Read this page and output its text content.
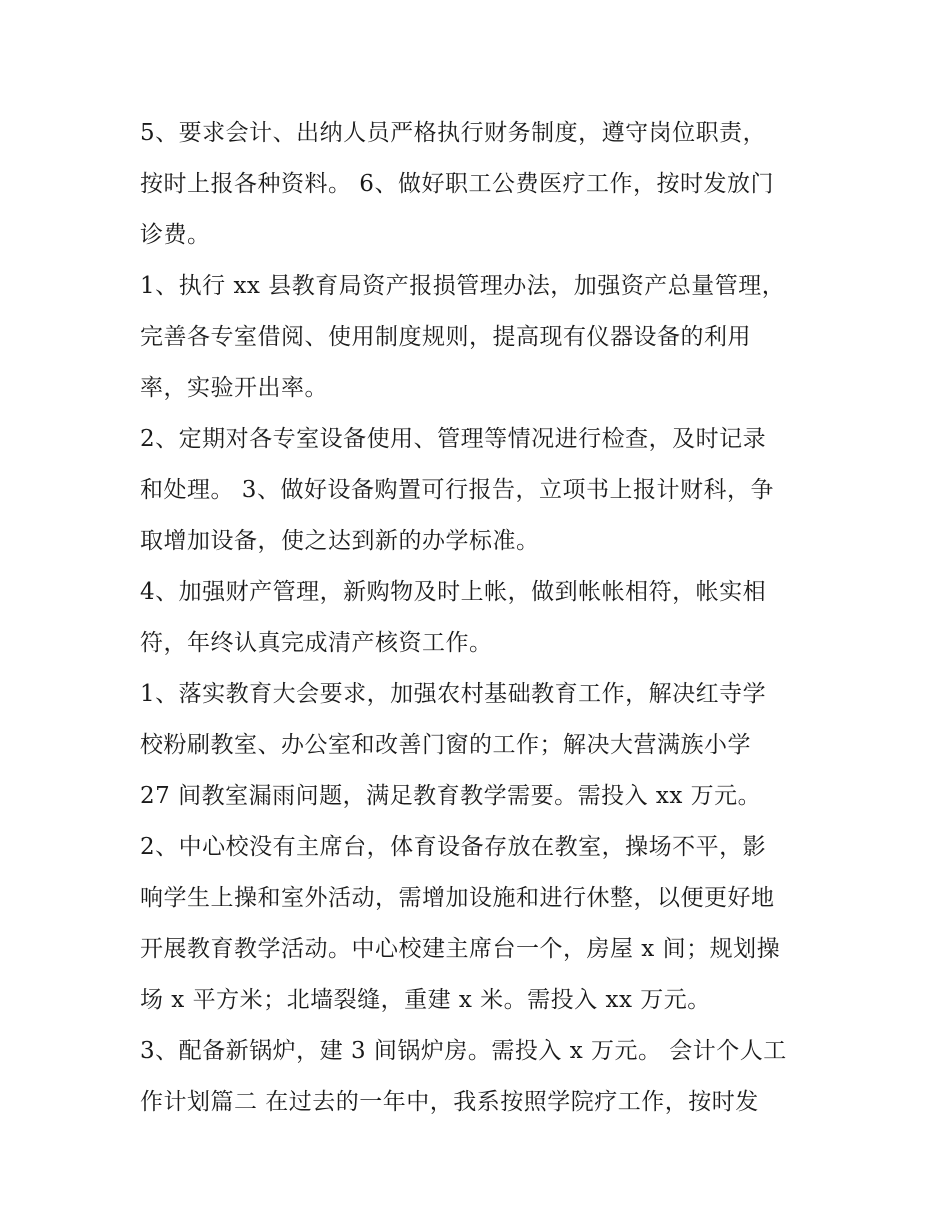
5、要求会计、出纳人员严格执行财务制度，遵守岗位职责，

按时上报各种资料。 6、做好职工公费医疗工作，按时发放门

诊费。

1、执行 xx 县教育局资产报损管理办法，加强资产总量管理，

完善各专室借阅、使用制度规则，提高现有仪器设备的利用

率，实验开出率。

2、定期对各专室设备使用、管理等情况进行检查，及时记录

和处理。 3、做好设备购置可行报告，立项书上报计财科，争

取增加设备，使之达到新的办学标准。

4、加强财产管理，新购物及时上帐，做到帐帐相符，帐实相

符，年终认真完成清产核资工作。

1、落实教育大会要求，加强农村基础教育工作，解决红寺学

校粉刷教室、办公室和改善门窗的工作；解决大营满族小学

27 间教室漏雨问题，满足教育教学需要。需投入 xx 万元。

2、中心校没有主席台，体育设备存放在教室，操场不平，影

响学生上操和室外活动，需增加设施和进行休整，以便更好地

开展教育教学活动。中心校建主席台一个，房屋 x 间；规划操

场 x 平方米；北墙裂缝，重建 x 米。需投入 xx 万元。

3、配备新锅炉，建 3 间锅炉房。需投入 x 万元。 会计个人工

作计划篇二 在过去的一年中，我系按照学院疗工作，按时发
